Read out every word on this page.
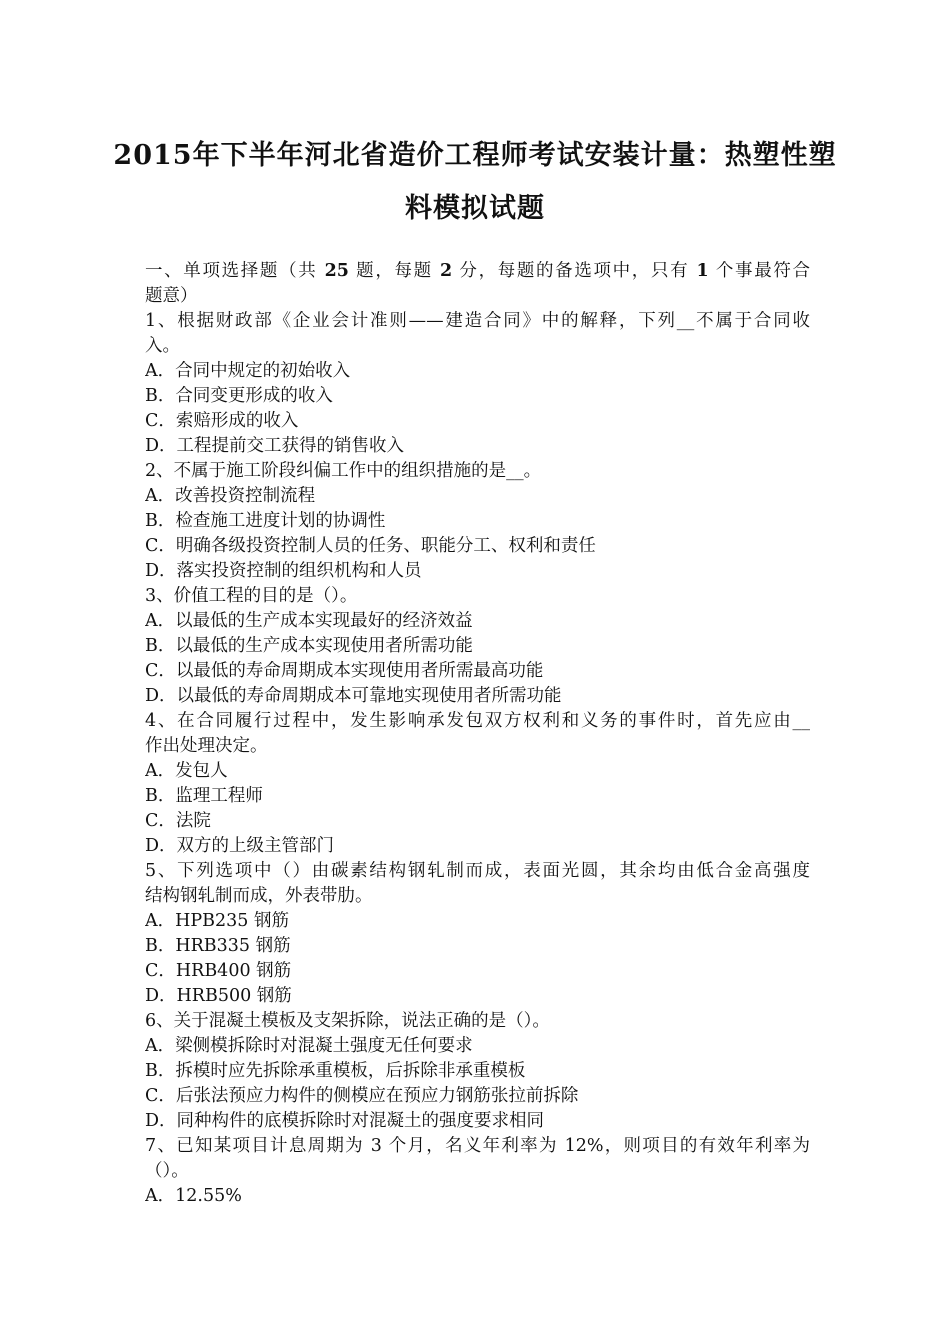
2015年下半年河北省造价工程师考试安装计量：热塑性塑
料模拟试题
一、单项选择题（共 25 题，每题 2 分，每题的备选项中，只有 1 个事最符合
题意）
1、根据财政部《企业会计准则——建造合同》中的解释，下列__不属于合同收
入。
A．合同中规定的初始收入
B．合同变更形成的收入
C．索赔形成的收入
D．工程提前交工获得的销售收入
2、不属于施工阶段纠偏工作中的组织措施的是__。
A．改善投资控制流程
B．检查施工进度计划的协调性
C．明确各级投资控制人员的任务、职能分工、权利和责任
D．落实投资控制的组织机构和人员
3、价值工程的目的是（）。
A．以最低的生产成本实现最好的经济效益
B．以最低的生产成本实现使用者所需功能
C．以最低的寿命周期成本实现使用者所需最高功能
D．以最低的寿命周期成本可靠地实现使用者所需功能
4、在合同履行过程中，发生影响承发包双方权利和义务的事件时，首先应由__
作出处理决定。
A．发包人
B．监理工程师
C．法院
D．双方的上级主管部门
5、下列选项中（）由碳素结构钢轧制而成，表面光圆，其余均由低合金高强度
结构钢轧制而成，外表带肋。
A．HPB235 钢筋
B．HRB335 钢筋
C．HRB400 钢筋
D．HRB500 钢筋
6、关于混凝土模板及支架拆除，说法正确的是（）。
A．梁侧模拆除时对混凝土强度无任何要求
B．拆模时应先拆除承重模板，后拆除非承重模板
C．后张法预应力构件的侧模应在预应力钢筋张拉前拆除
D．同种构件的底模拆除时对混凝土的强度要求相同
7、已知某项目计息周期为 3 个月，名义年利率为 12%，则项目的有效年利率为
（）。
A．12.55%
